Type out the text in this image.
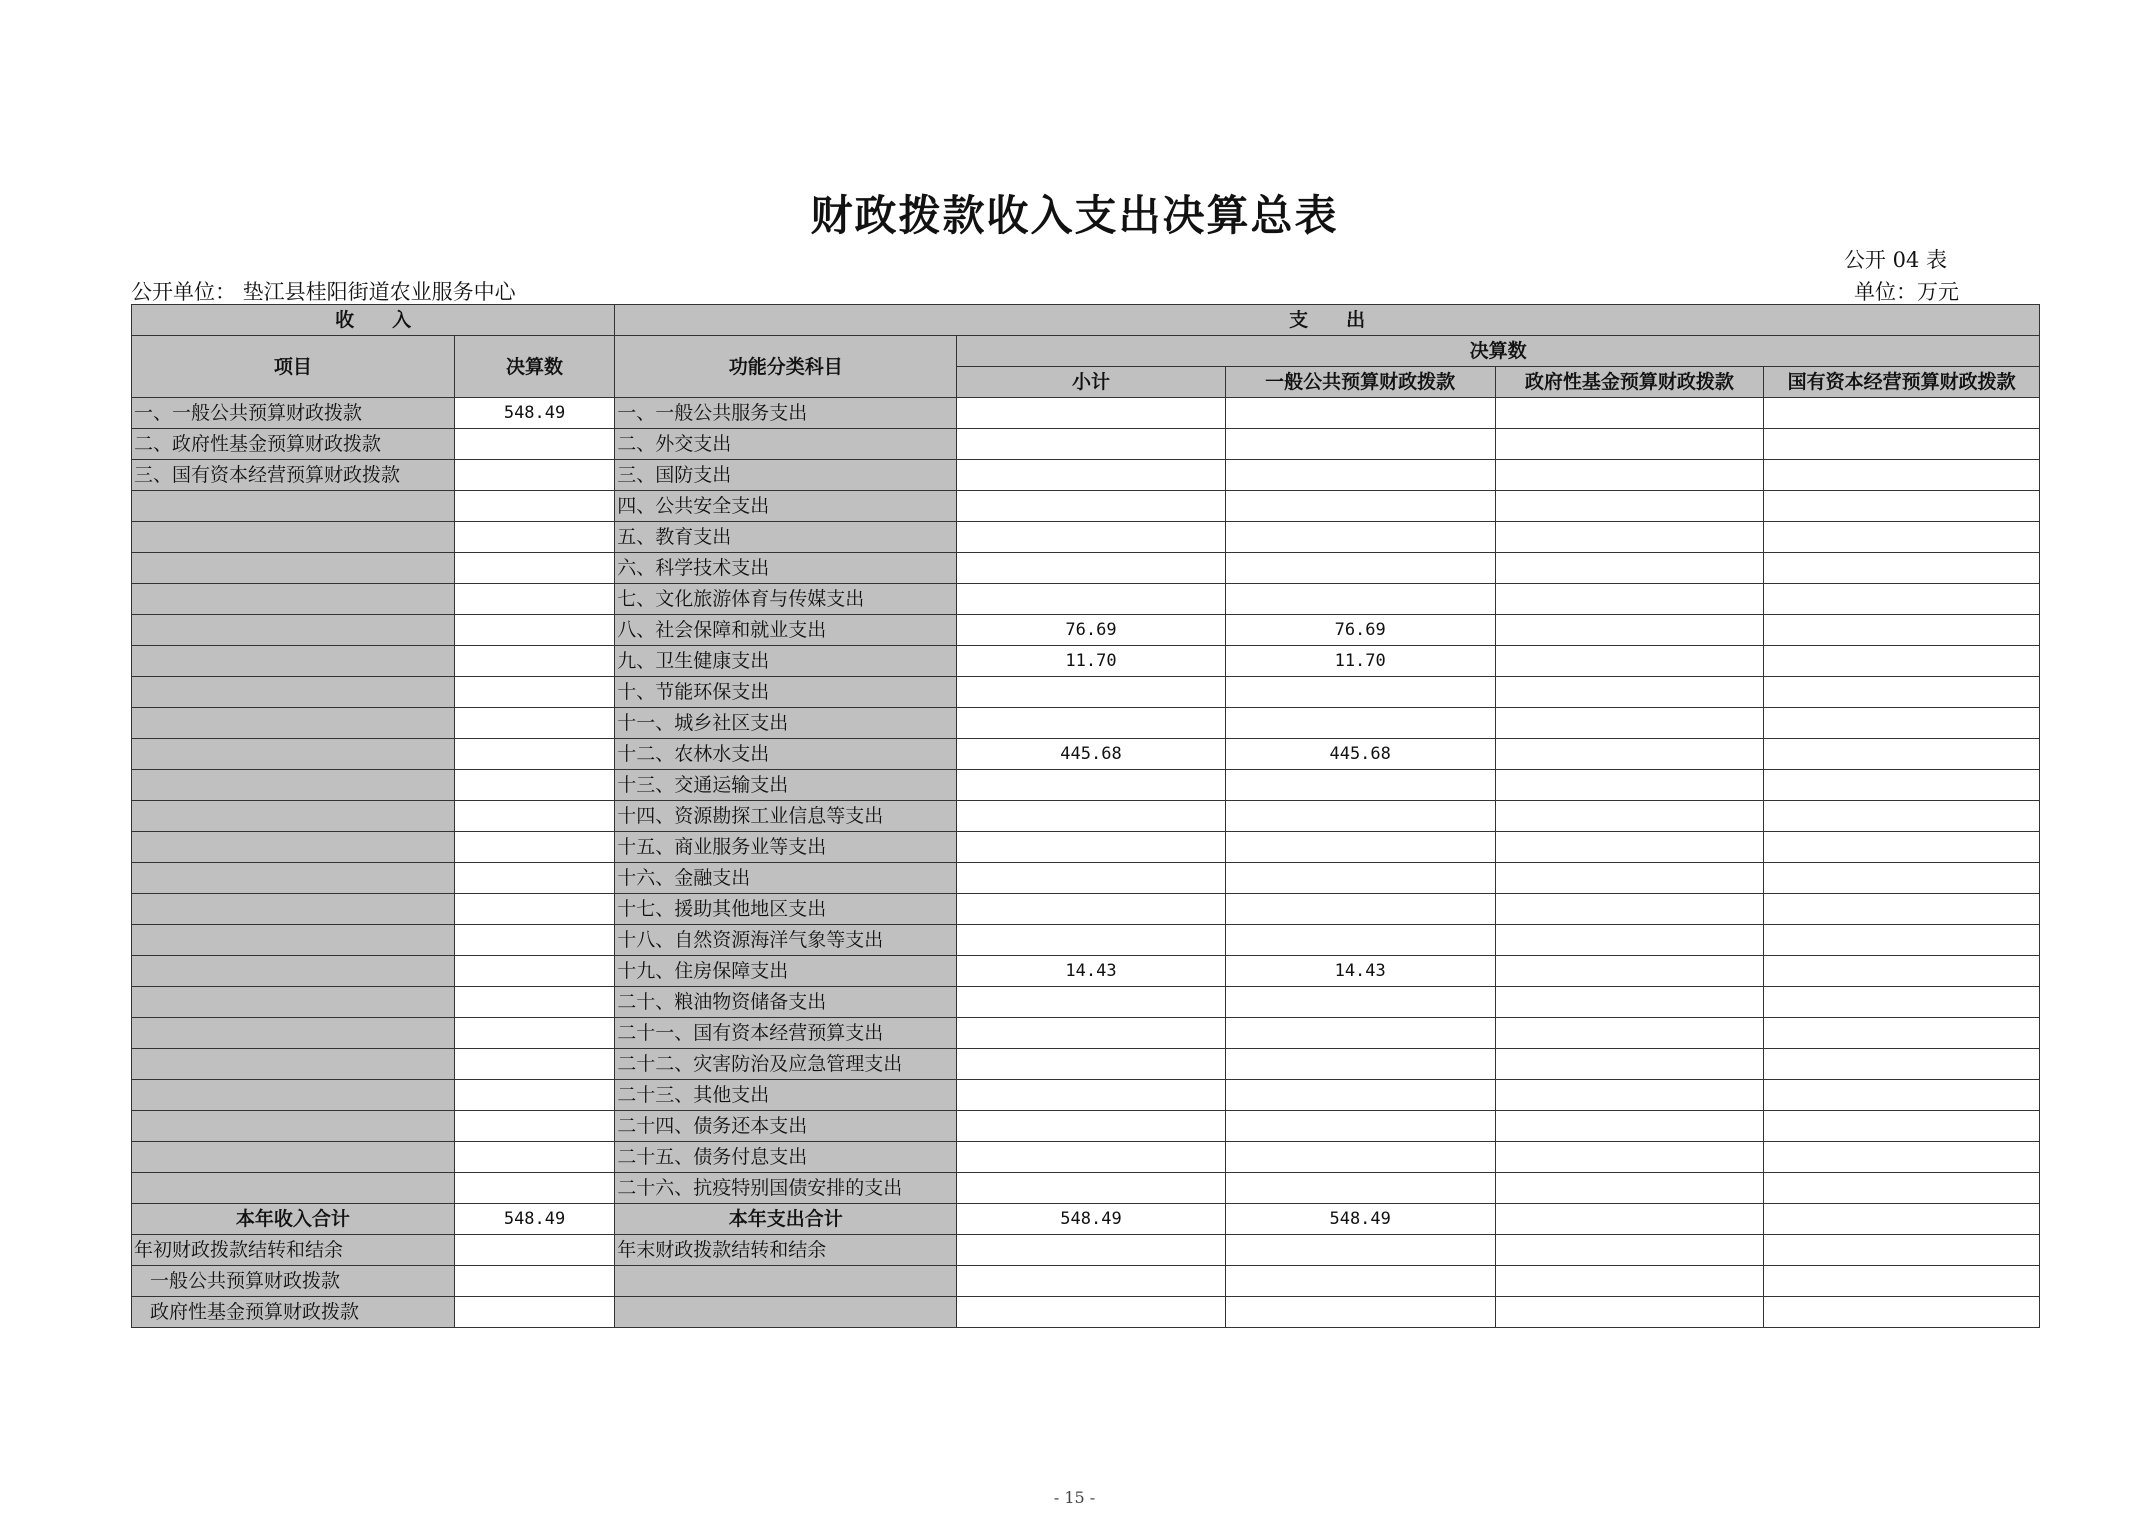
财政拨款收入支出决算总表
公开 04 表
公开单位： 垫江县桂阳街道农业服务中心	单位：万元
收　　入		支　　出				
项目	决算数	功能分类科目	决算数			
			小计	一般公共预算财政拨款	政府性基金预算财政拨款	国有资本经营预算财政拨款
一、一般公共预算财政拨款	548.49	一、一般公共服务支出				
二、政府性基金预算财政拨款		二、外交支出				
三、国有资本经营预算财政拨款		三、国防支出				
		四、公共安全支出				
		五、教育支出				
		六、科学技术支出				
		七、文化旅游体育与传媒支出				
		八、社会保障和就业支出	76.69	76.69		
		九、卫生健康支出	11.70	11.70		
		十、节能环保支出				
		十一、城乡社区支出				
		十二、农林水支出	445.68	445.68		
		十三、交通运输支出				
		十四、资源勘探工业信息等支出				
		十五、商业服务业等支出				
		十六、金融支出				
		十七、援助其他地区支出				
		十八、自然资源海洋气象等支出				
		十九、住房保障支出	14.43	14.43		
		二十、粮油物资储备支出				
		二十一、国有资本经营预算支出				
		二十二、灾害防治及应急管理支出				
		二十三、其他支出				
		二十四、债务还本支出				
		二十五、债务付息支出				
		二十六、抗疫特别国债安排的支出				
本年收入合计	548.49	本年支出合计	548.49	548.49		
年初财政拨款结转和结余		年末财政拨款结转和结余				
一般公共预算财政拨款						
政府性基金预算财政拨款						
- 15 -
